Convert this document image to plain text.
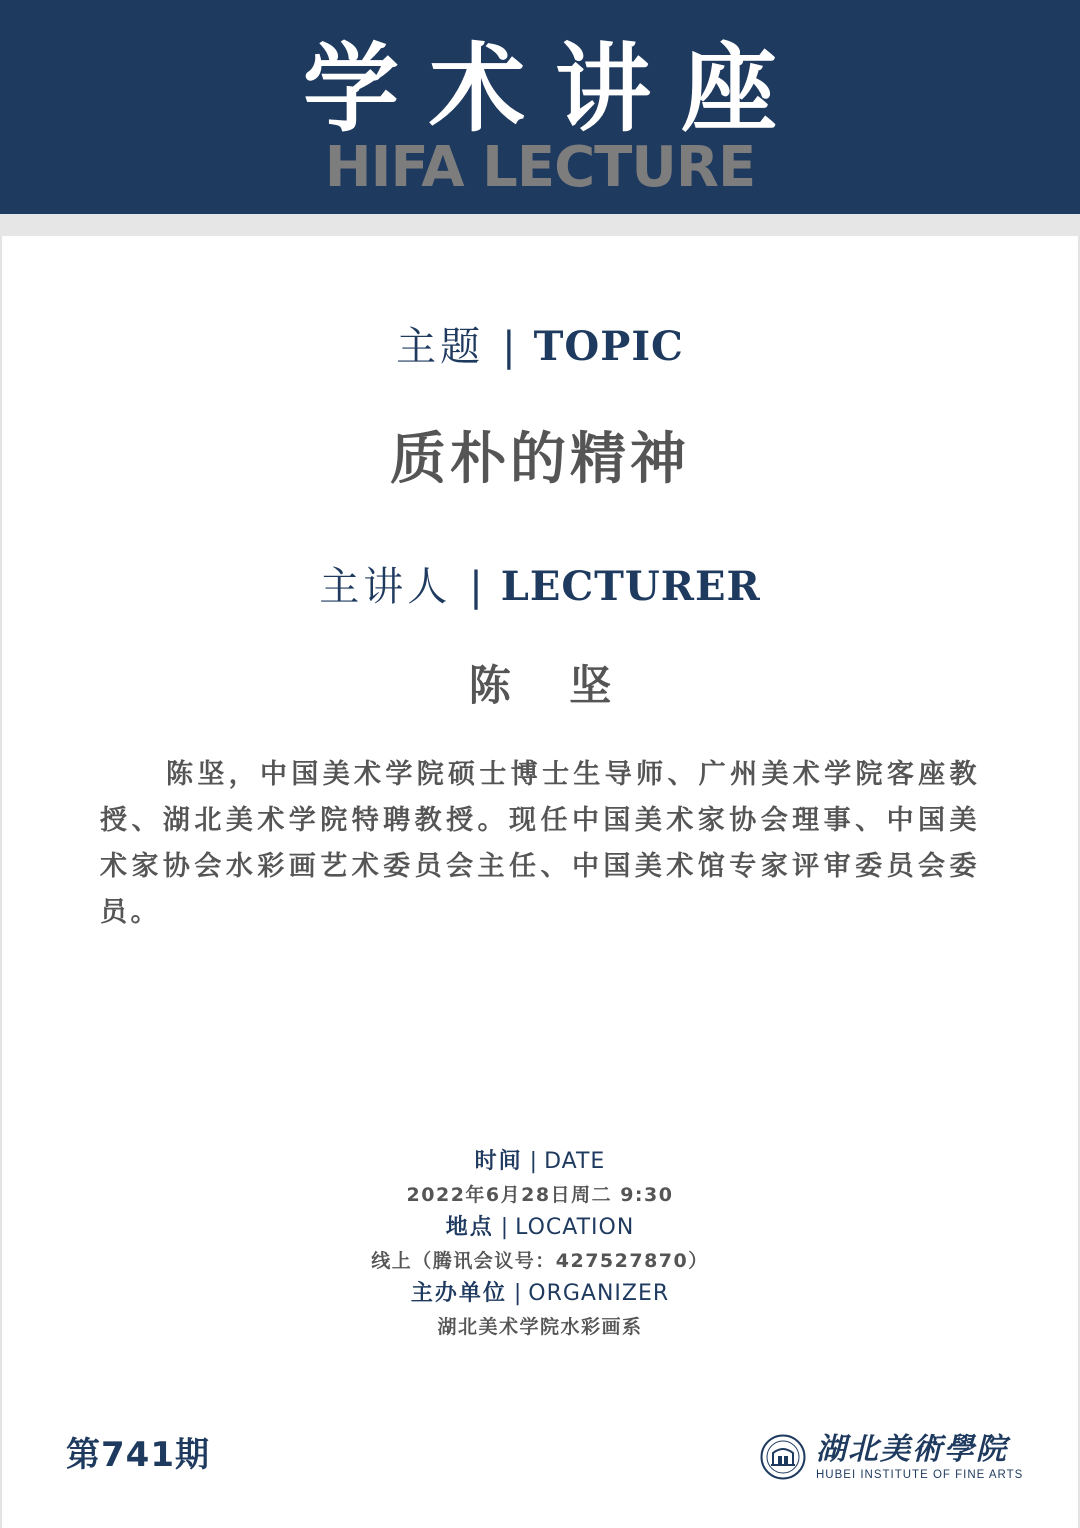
学术讲座
HIFA LECTURE
主题 | TOPIC
质朴的精神
主讲人 | LECTURER
陈 坚
陈坚，中国美术学院硕士博士生导师、广州美术学院客座教授、湖北美术学院特聘教授。现任中国美术家协会理事、中国美术家协会水彩画艺术委员会主任、中国美术馆专家评审委员会委员。
时间 | DATE
2022年6月28日周二 9:30
地点 | LOCATION
线上（腾讯会议号：427527870）
主办单位 | ORGANIZER
湖北美术学院水彩画系
第741期	湖北美術學院
HUBEI INSTITUTE OF FINE ARTS
